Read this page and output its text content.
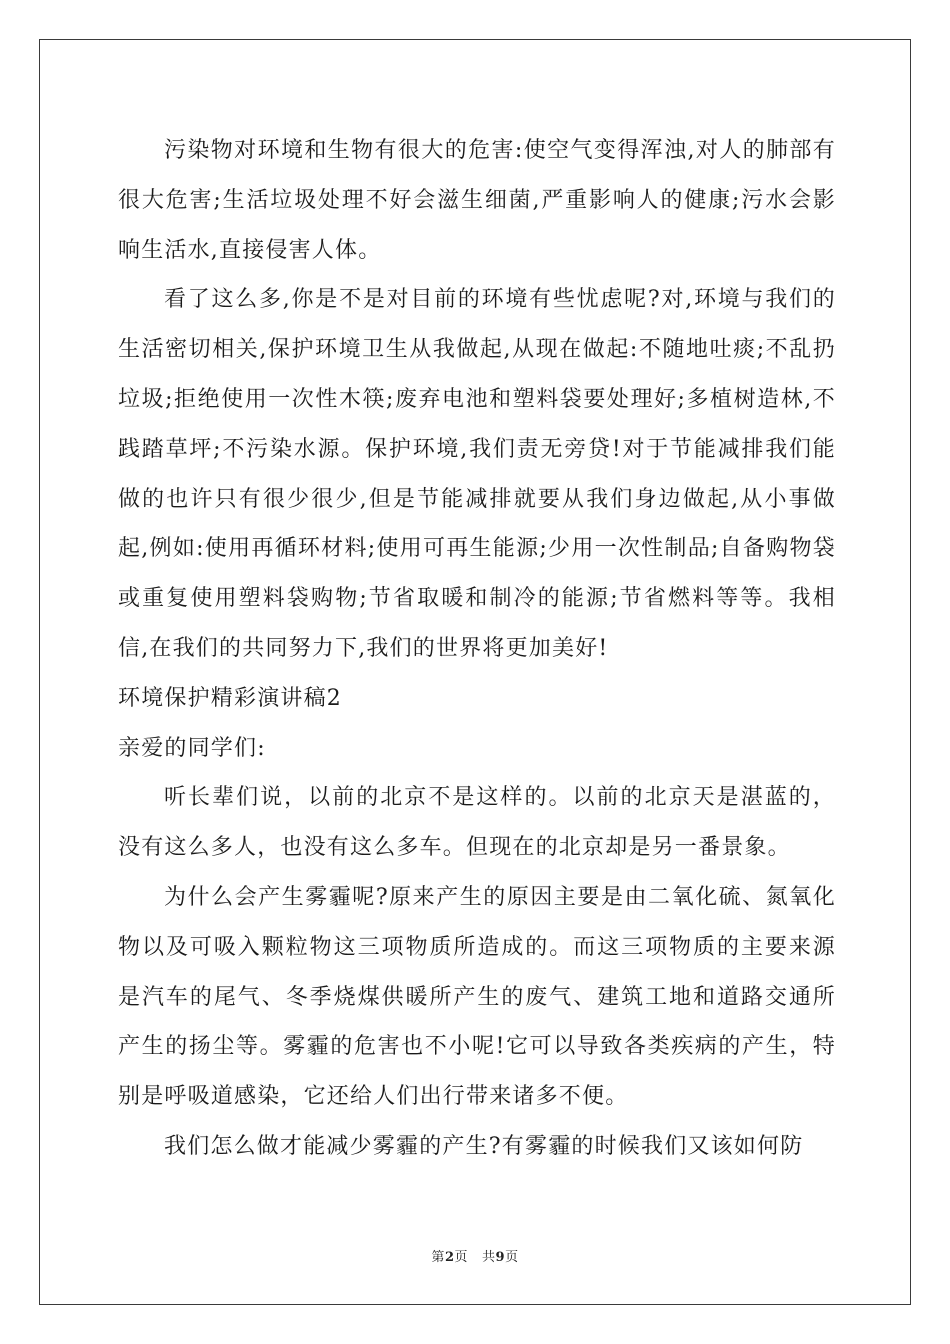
污染物对环境和生物有很大的危害:使空气变得浑浊,对人的肺部有很大危害;生活垃圾处理不好会滋生细菌,严重影响人的健康;污水会影响生活水,直接侵害人体。

看了这么多,你是不是对目前的环境有些忧虑呢?对,环境与我们的生活密切相关,保护环境卫生从我做起,从现在做起:不随地吐痰;不乱扔垃圾;拒绝使用一次性木筷;废弃电池和塑料袋要处理好;多植树造林,不践踏草坪;不污染水源。保护环境,我们责无旁贷!对于节能减排我们能做的也许只有很少很少,但是节能减排就要从我们身边做起,从小事做起,例如:使用再循环材料;使用可再生能源;少用一次性制品;自备购物袋或重复使用塑料袋购物;节省取暖和制冷的能源;节省燃料等等。我相信,在我们的共同努力下,我们的世界将更加美好!

环境保护精彩演讲稿2

亲爱的同学们:

听长辈们说，以前的北京不是这样的。以前的北京天是湛蓝的，没有这么多人，也没有这么多车。但现在的北京却是另一番景象。

为什么会产生雾霾呢?原来产生的原因主要是由二氧化硫、氮氧化物以及可吸入颗粒物这三项物质所造成的。而这三项物质的主要来源是汽车的尾气、冬季烧煤供暖所产生的废气、建筑工地和道路交通所产生的扬尘等。雾霾的危害也不小呢!它可以导致各类疾病的产生，特别是呼吸道感染，它还给人们出行带来诸多不便。

我们怎么做才能减少雾霾的产生?有雾霾的时候我们又该如何防

第2页 共9页
